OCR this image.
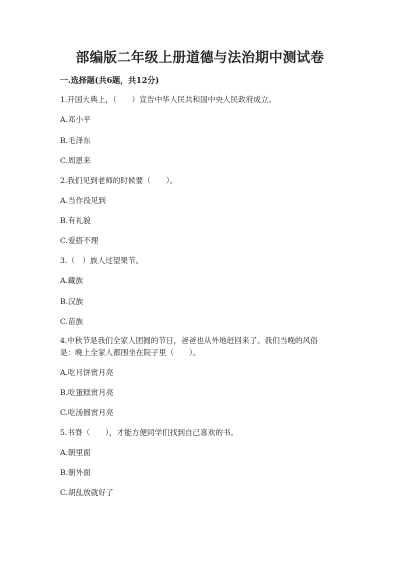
部编版二年级上册道德与法治期中测试卷
一.选择题(共6题，共12分)
1.开国大典上，（　　）宣告中华人民共和国中央人民政府成立。
A.邓小平
B.毛泽东
C.周恩来
2.我们见到老师的时候要（　　）。
A.当作没见到
B.有礼貌
C.爱搭不理
3.（　）族人过望果节。
A.藏族
B.汉族
C.苗族
4.中秋节是我们全家人团圆的节日，爸爸也从外地赶回来了。我们当晚的风俗
是：晚上全家人都围坐在院子里（　　）。
A.吃月饼赏月亮
B.吃蛋糕赏月亮
C.吃汤圆赏月亮
5.书脊（　　），才能方便同学们找到自己喜欢的书。
A.朝里面
B.朝外面
C.胡乱放就好了
